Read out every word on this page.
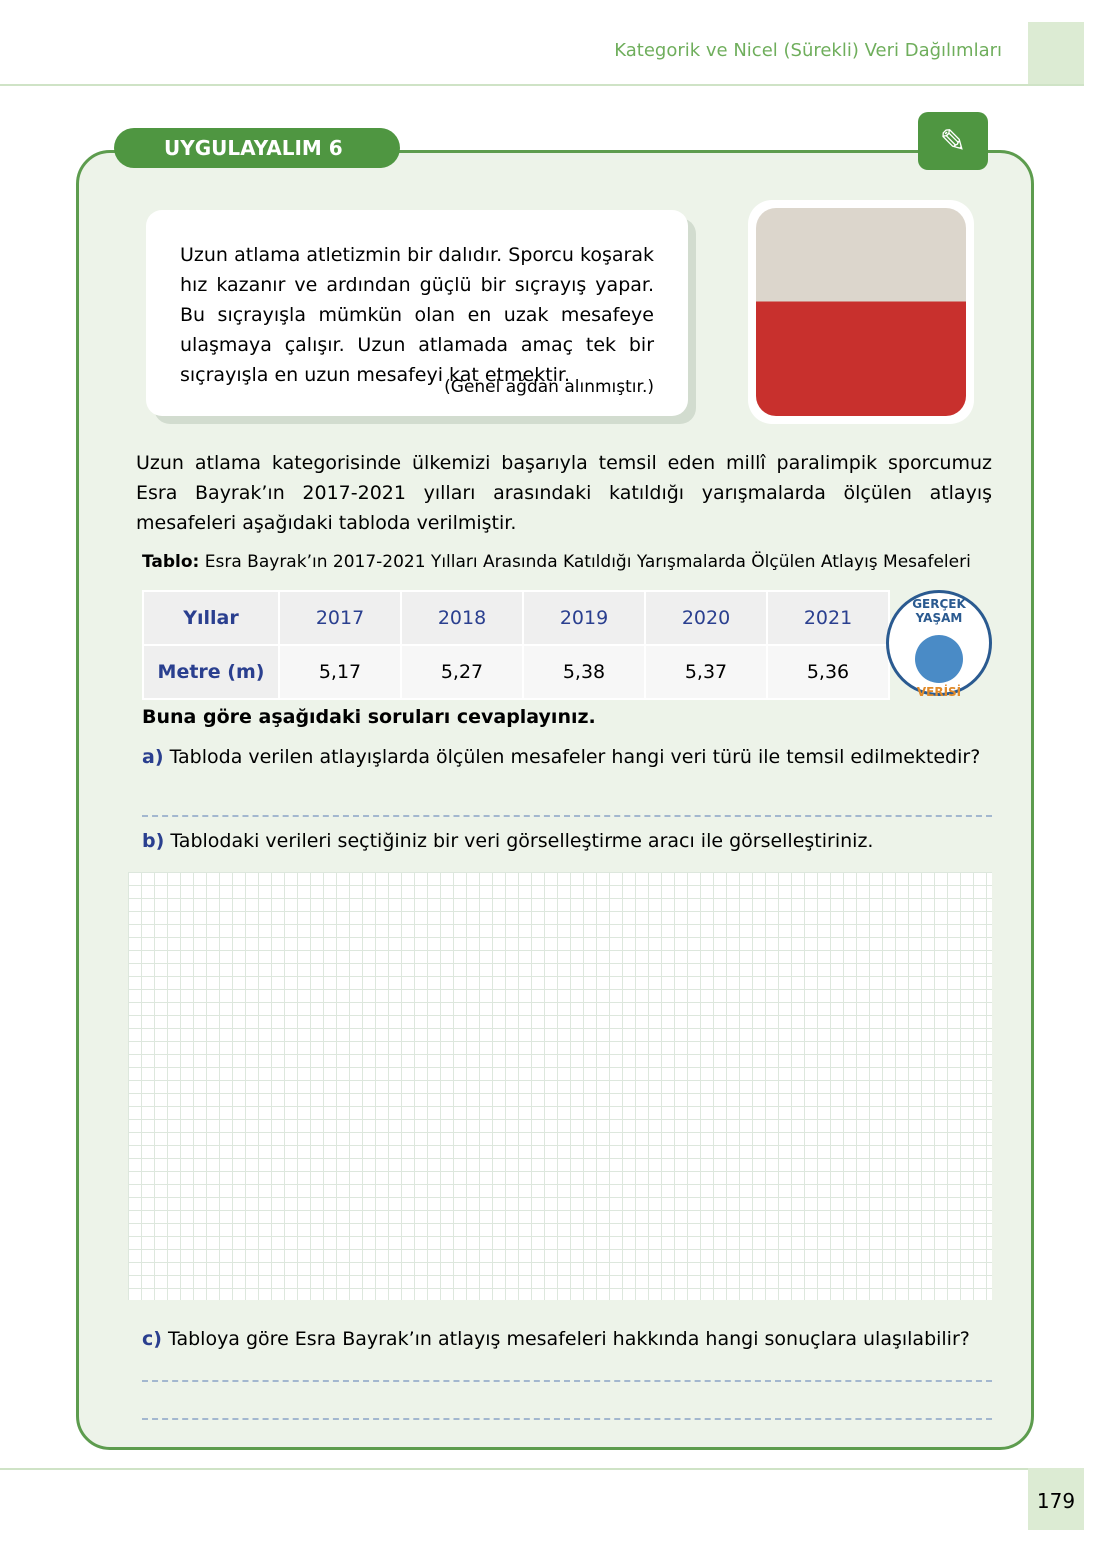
Kategorik ve Nicel (Sürekli) Veri Dağılımları
UYGULAYALIM 6	✎
Uzun atlama atletizmin bir dalıdır. Sporcu koşarak hız kazanır ve ardından güçlü bir sıçrayış yapar. Bu sıçrayışla mümkün olan en uzak mesafeye ulaşmaya çalışır. Uzun atlamada amaç tek bir sıçrayışla en uzun mesafeyi kat etmektir.
(Genel ağdan alınmıştır.)
Uzun atlama kategorisinde ülkemizi başarıyla temsil eden millî paralimpik sporcumuz Esra Bayrak’ın 2017-2021 yılları arasındaki katıldığı yarışmalarda ölçülen atlayış mesafeleri aşağıdaki tabloda verilmiştir.
Tablo: Esra Bayrak’ın 2017-2021 Yılları Arasında Katıldığı Yarışmalarda Ölçülen Atlayış Mesafeleri
Yıllar	2017	2018	2019	2020	2021
Metre (m)	5,17	5,27	5,38	5,37	5,36
GERÇEK YAŞAM
VERİSİ
Buna göre aşağıdaki soruları cevaplayınız.
a) Tabloda verilen atlayışlarda ölçülen mesafeler hangi veri türü ile temsil edilmektedir?
b) Tablodaki verileri seçtiğiniz bir veri görselleştirme aracı ile görselleştiriniz.
c) Tabloya göre Esra Bayrak’ın atlayış mesafeleri hakkında hangi sonuçlara ulaşılabilir?
179
